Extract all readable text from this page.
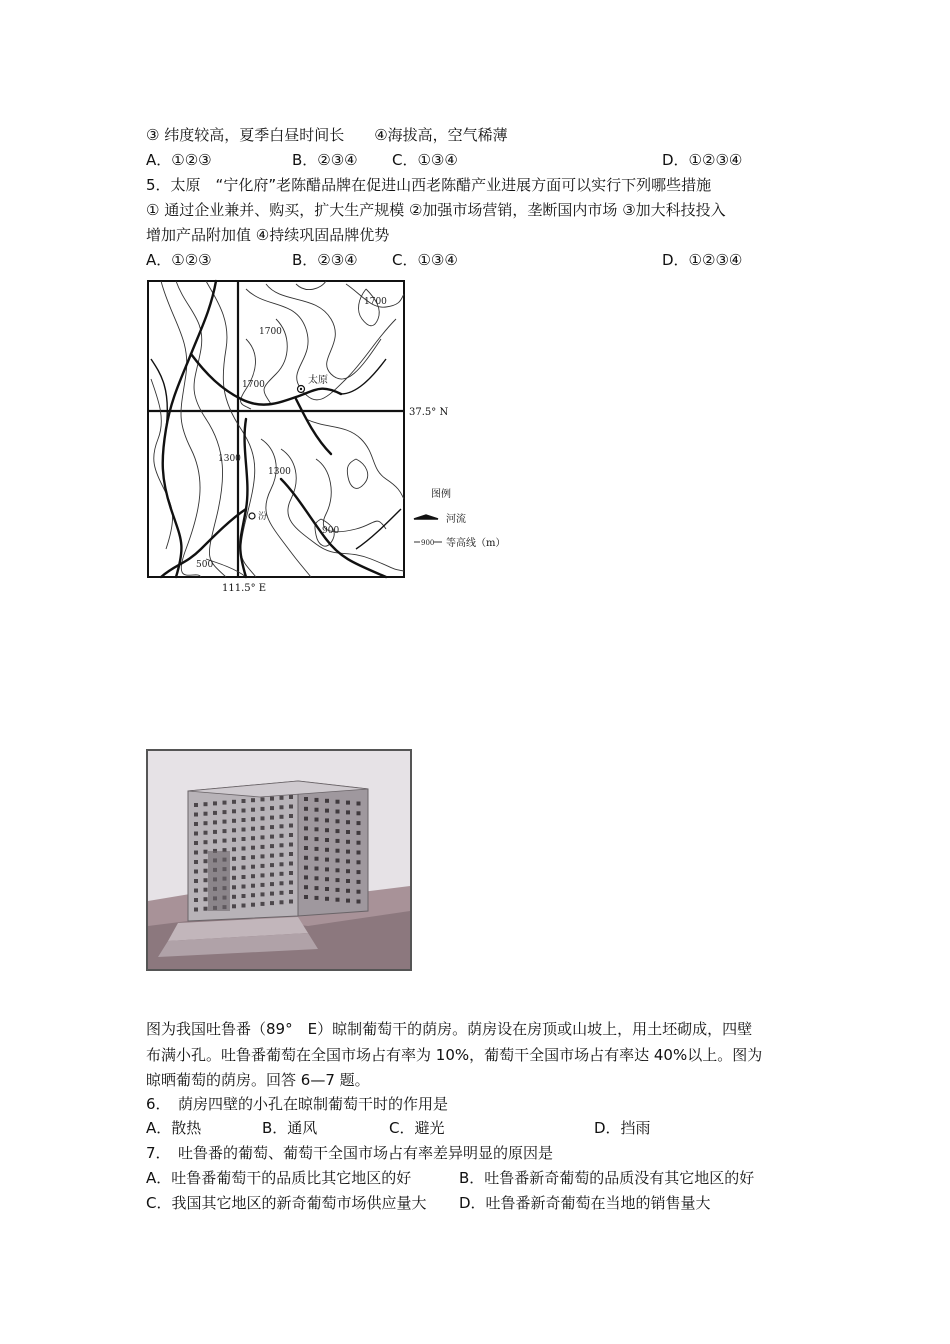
③ 纬度较高，夏季白昼时间长　　④海拔高，空气稀薄
A．①②③	B．②③④ C．①③④	D．①②③④
5．太原　“宁化府”老陈醋品牌在促进山西老陈醋产业进展方面可以实行下列哪些措施
① 通过企业兼并、购买，扩大生产规模 ②加强市场营销，垄断国内市场 ③加大科技投入
增加产品附加值 ④持续巩固品牌优势
A．①②③	B．②③④ C．①③④	D．①②③④
太原
汾
1700
1700
1700
1300
1300
900
500
37.5° N
111.5° E
图例
河流
900 等高线（m）
图为我国吐鲁番（89°　E）晾制葡萄干的荫房。荫房设在房顶或山坡上，用土坯砌成，四壁
布满小孔。吐鲁番葡萄在全国市场占有率为 10%，葡萄干全国市场占有率达 40%以上。图为
晾晒葡萄的荫房。回答 6—7 题。
6．　荫房四壁的小孔在晾制葡萄干时的作用是
A．散热	B．通风	C．避光	D．挡雨
7．　吐鲁番的葡萄、葡萄干全国市场占有率差异明显的原因是
A．吐鲁番葡萄干的品质比其它地区的好	B．吐鲁番新奇葡萄的品质没有其它地区的好
C．我国其它地区的新奇葡萄市场供应量大 D．吐鲁番新奇葡萄在当地的销售量大
